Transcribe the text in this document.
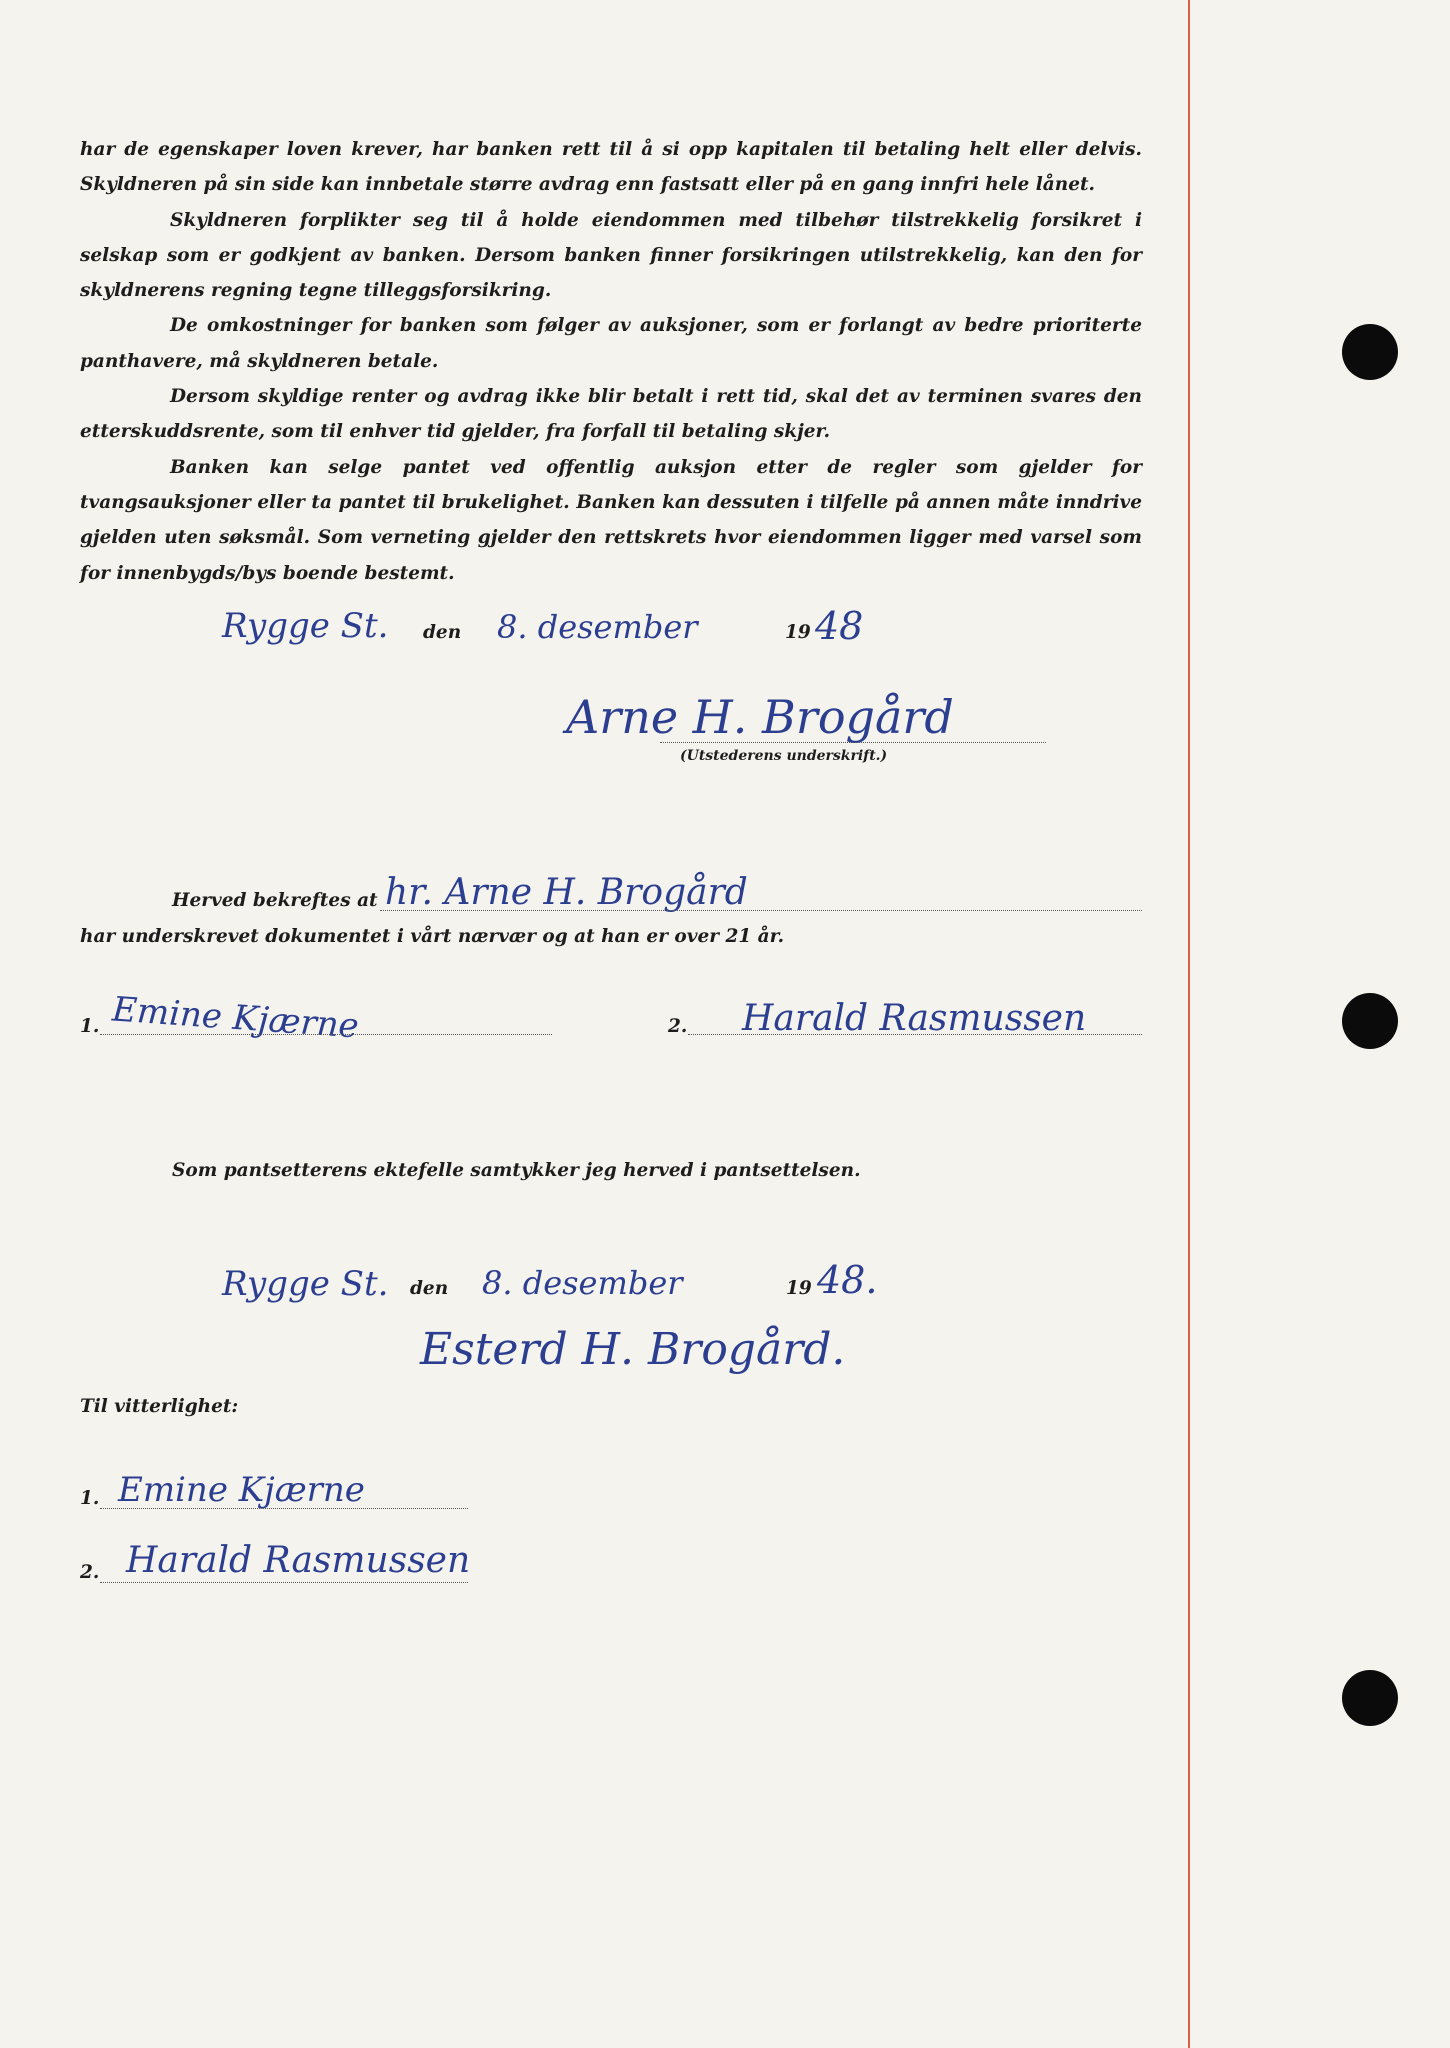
har de egenskaper loven krever, har banken rett til å si opp kapitalen til betaling helt eller delvis. Skyldneren på sin side kan innbetale større avdrag enn fastsatt eller på en gang innfri hele lånet.

Skyldneren forplikter seg til å holde eiendommen med tilbehør tilstrekkelig forsikret i selskap som er godkjent av banken. Dersom banken finner forsikringen utilstrekkelig, kan den for skyldnerens regning tegne tilleggsforsikring.

De omkostninger for banken som følger av auksjoner, som er forlangt av bedre prioriterte panthavere, må skyldneren betale.

Dersom skyldige renter og avdrag ikke blir betalt i rett tid, skal det av terminen svares den etterskuddsrente, som til enhver tid gjelder, fra forfall til betaling skjer.

Banken kan selge pantet ved offentlig auksjon etter de regler som gjelder for tvangsauksjoner eller ta pantet til brukelighet. Banken kan dessuten i tilfelle på annen måte inndrive gjelden uten søksmål. Som verneting gjelder den rettskrets hvor eiendommen ligger med varsel som for innenbygds/bys boende bestemt.

Rygge St. den 8. desember	19 48
Arne H. Brogård
(Utstederens underskrift.)
Herved bekreftes at hr. Arne H. Brogård
har underskrevet dokumentet i vårt nærvær og at han er over 21 år.
1. Emine Kjærne	2. Harald Rasmussen
Som pantsetterens ektefelle samtykker jeg herved i pantsettelsen.
Rygge St. den 8. desember	19 48.
Esterd H. Brogård.
Til vitterlighet:
1. Emine Kjærne
2. Harald Rasmussen
